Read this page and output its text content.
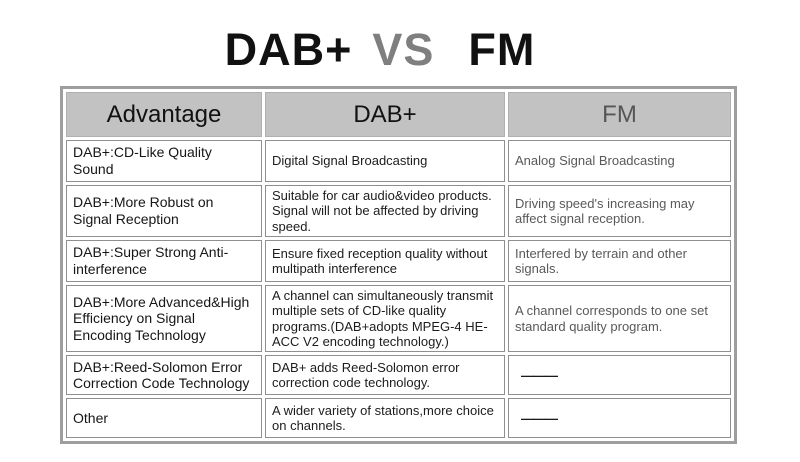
DAB+ VS FM
Advantage	DAB+	FM
DAB+:CD-Like Quality Sound	Digital Signal Broadcasting	Analog Signal Broadcasting
DAB+:More Robust on Signal Reception	Suitable for car audio&video products. Signal will not be affected by driving speed.	Driving speed's increasing may affect signal reception.
DAB+:Super Strong Anti-interference	Ensure fixed reception quality without multipath interference	Interfered by terrain and other signals.
DAB+:More Advanced&High Efficiency on Signal Encoding Technology	A channel can simultaneously transmit multiple sets of CD-like quality programs.(DAB+adopts MPEG-4 HE-ACC V2 encoding technology.)	A channel corresponds to one set standard quality program.
DAB+:Reed-Solomon Error Correction Code Technology	DAB+ adds Reed-Solomon error correction code technology.	———
Other	A wider variety of stations,more choice on channels.	———
